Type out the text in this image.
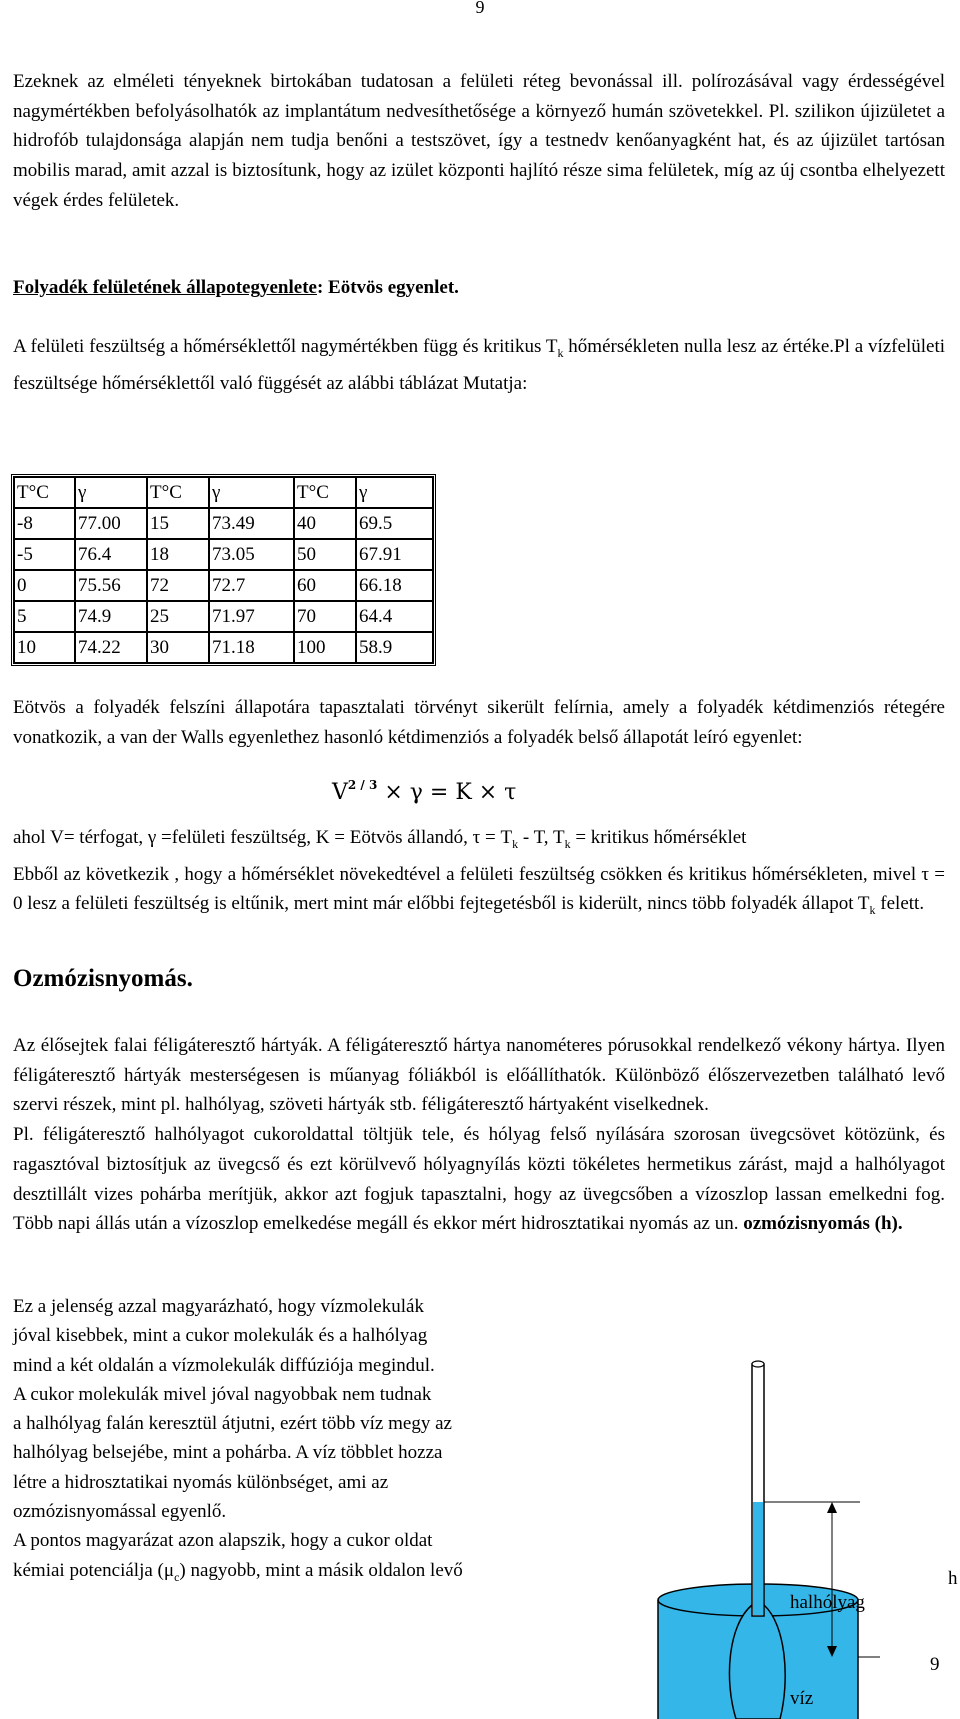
9

Ezeknek az elméleti tényeknek birtokában tudatosan a felületi réteg bevonással ill. polírozásával vagy érdességével nagymértékben befolyásolhatók az implantátum nedvesíthetősége a környező humán szövetekkel. Pl. szilikon újizületet a hidrofób tulajdonsága alapján nem tudja benőni a testszövet, így a testnedv kenőanyagként hat, és az újizület tartósan mobilis marad, amit azzal is biztosítunk, hogy az izület központi hajlító része sima felületek, míg az új csontba elhelyezett végek érdes felületek.

Folyadék felületének állapotegyenlete: Eötvös egyenlet.

A felületi feszültség a hőmérséklettől nagymértékben függ és kritikus $T_k$ hőmérsékleten nulla lesz az értéke.Pl a vízfelületi feszültsége hőmérséklettől való függését az alábbi táblázat Mutatja:

T°C	γ	T°C	γ	T°C	γ
-8	77.00	15	73.49	40	69.5
-5	76.4	18	73.05	50	67.91
0	75.56	72	72.7	60	66.18
5	74.9	25	71.97	70	64.4
10	74.22	30	71.18	100	58.9

Eötvös a folyadék felszíni állapotára tapasztalati törvényt sikerült felírnia, amely a folyadék kétdimenziós rétegére vonatkozik, a van der Walls egyenlethez hasonló kétdimenziós a folyadék belső állapotát leíró egyenlet:

$V^{2 / 3} \times \gamma = K \times \tau$

ahol V= térfogat, γ =felületi feszültség, K = Eötvös állandó, $\tau = T_k - T$, $T_k$ = kritikus hőmérséklet

Ebből az következik , hogy a hőmérséklet növekedtével a felületi feszültség csökken és kritikus hőmérsékleten, mivel τ = 0 lesz a felületi feszültség is eltűnik, mert mint már előbbi fejtegetésből is kiderült, nincs több folyadék állapot $T_k$ felett.

Ozmózisnyomás.

Az élősejtek falai féligáteresztő hártyák. A féligáteresztő hártya nanométeres pórusokkal rendelkező vékony hártya. Ilyen féligáteresztő hártyák mesterségesen is műanyag fóliákból is előállíthatók. Különböző élőszervezetben található levő szervi részek, mint pl. halhólyag, szöveti hártyák stb. féligáteresztő hártyaként viselkednek.

Pl. féligáteresztő halhólyagot cukoroldattal töltjük tele, és hólyag felső nyílására szorosan üvegcsövet kötözünk, és ragasztóval biztosítjuk az üvegcső és ezt körülvevő hólyagnyílás közti tökéletes hermetikus zárást, majd a halhólyagot desztillált vizes pohárba merítjük, akkor azt fogjuk tapasztalni, hogy az üvegcsőben a vízoszlop lassan emelkedni fog. Több napi állás után a vízoszlop emelkedése megáll és ekkor mért hidrosztatikai nyomás az un. ozmózisnyomás (h).

Ez a jelenség azzal magyarázható, hogy vízmolekulák

jóval kisebbek, mint a cukor molekulák és a halhólyag

mind a két oldalán a vízmolekulák diffúziója megindul.

A cukor molekulák mivel jóval nagyobbak nem tudnak

a halhólyag falán keresztül átjutni, ezért több víz megy az

halhólyag belsejébe, mint a pohárba. A víz többlet hozza

létre a hidrosztatikai nyomás különbséget, ami az

ozmózisnyomással egyenlő.

A pontos magyarázat azon alapszik, hogy a cukor oldat

kémiai potenciálja $(\mu_c)$ nagyobb, mint a másik oldalon levő	h
halhólyag
víz
9
